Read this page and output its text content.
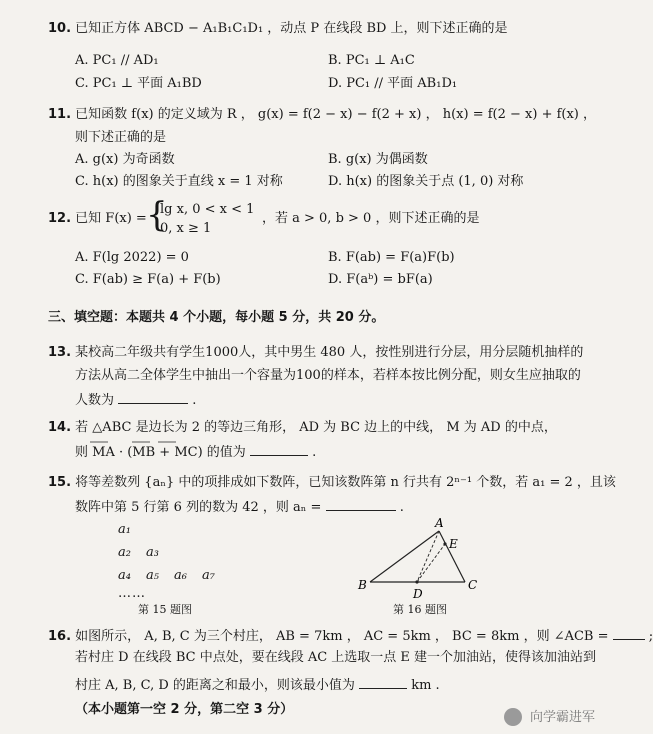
10. 已知正方体 ABCD − A₁B₁C₁D₁ ，动点 P 在线段 BD 上，则下述正确的是
A. PC₁ // AD₁	B. PC₁ ⊥ A₁C
C. PC₁ ⊥ 平面 A₁BD	D. PC₁ // 平面 AB₁D₁
11. 已知函数 f(x) 的定义域为 R ， g(x) = f(2 − x) − f(2 + x) ， h(x) = f(2 − x) + f(x) ，
则下述正确的是
A. g(x) 为奇函数	B. g(x) 为偶函数
C. h(x) 的图象关于直线 x = 1 对称	D. h(x) 的图象关于点 (1, 0) 对称
12. 已知 F(x) = {
lg x, 0 < x < 1
0, x ≥ 1
，若 a > 0, b > 0 ，则下述正确的是
A. F(lg 2022) = 0	B. F(ab) = F(a)F(b)
C. F(ab) ≥ F(a) + F(b)	D. F(aᵇ) = bF(a)
三、填空题：本题共 4 个小题，每小题 5 分，共 20 分。
13. 某校高二年级共有学生1000人，其中男生 480 人，按性别进行分层，用分层随机抽样的
方法从高二全体学生中抽出一个容量为100的样本，若样本按比例分配，则女生应抽取的
人数为	.
14. 若 △ABC 是边长为 2 的等边三角形， AD 为 BC 边上的中线， M 为 AD 的中点，
则 MA · (MB + MC) 的值为	.
15. 将等差数列 {aₙ} 中的项排成如下数阵，已知该数阵第 n 行共有 2ⁿ⁻¹ 个数，若 a₁ = 2 ，且该
数阵中第 5 行第 6 列的数为 42 ，则 aₙ =	.
a₁
a₂ a₃
a₄ a₅ a₆ a₇
……
第 15 题图
A
B	C
D
E
第 16 题图
16. 如图所示， A, B, C 为三个村庄， AB = 7km ， AC = 5km ， BC = 8km ，则 ∠ACB =	;
若村庄 D 在线段 BC 中点处，要在线段 AC 上选取一点 E 建一个加油站，使得该加油站到
村庄 A, B, C, D 的距离之和最小，则该最小值为	km .
（本小题第一空 2 分，第二空 3 分）	向学霸进军
